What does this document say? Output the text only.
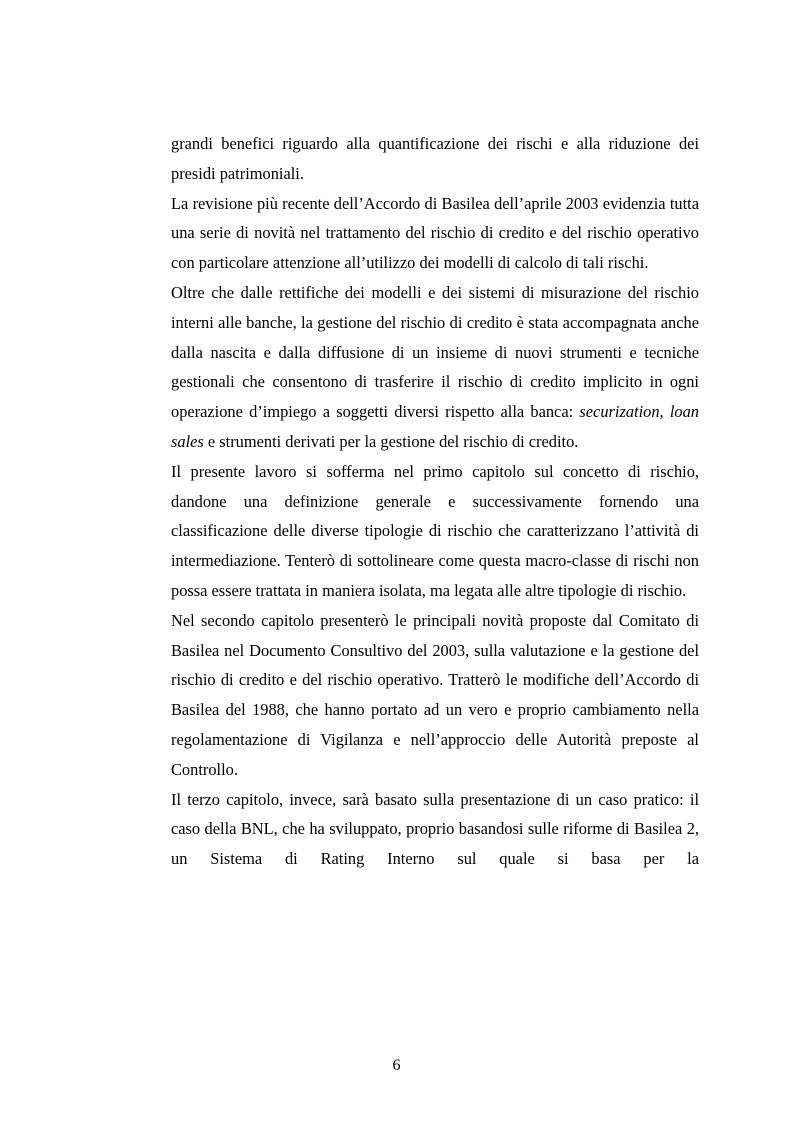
grandi benefici riguardo alla quantificazione dei rischi e alla riduzione dei presidi patrimoniali.

La revisione più recente dell’Accordo di Basilea dell’aprile 2003 evidenzia tutta una serie di novità nel trattamento del rischio di credito e del rischio operativo con particolare attenzione all’utilizzo dei modelli di calcolo di tali rischi.

Oltre che dalle rettifiche dei modelli e dei sistemi di misurazione del rischio interni alle banche, la gestione del rischio di credito è stata accompagnata anche dalla nascita e dalla diffusione di un insieme di nuovi strumenti e tecniche gestionali che consentono di trasferire il rischio di credito implicito in ogni operazione d’impiego a soggetti diversi rispetto alla banca: securization, loan sales e strumenti derivati per la gestione del rischio di credito.

Il presente lavoro si sofferma nel primo capitolo sul concetto di rischio, dandone una definizione generale e successivamente fornendo una classificazione delle diverse tipologie di rischio che caratterizzano l’attività di intermediazione. Tenterò di sottolineare come questa macro-classe di rischi non possa essere trattata in maniera isolata, ma legata alle altre tipologie di rischio.

Nel secondo capitolo presenterò le principali novità proposte dal Comitato di Basilea nel Documento Consultivo del 2003, sulla valutazione e la gestione del rischio di credito e del rischio operativo. Tratterò le modifiche dell’Accordo di Basilea del 1988, che hanno portato ad un vero e proprio cambiamento nella regolamentazione di Vigilanza e nell’approccio delle Autorità preposte al Controllo.

Il terzo capitolo, invece, sarà basato sulla presentazione di un caso pratico: il caso della BNL, che ha sviluppato, proprio basandosi sulle riforme di Basilea 2, un Sistema di Rating Interno sul quale si basa per la

6
